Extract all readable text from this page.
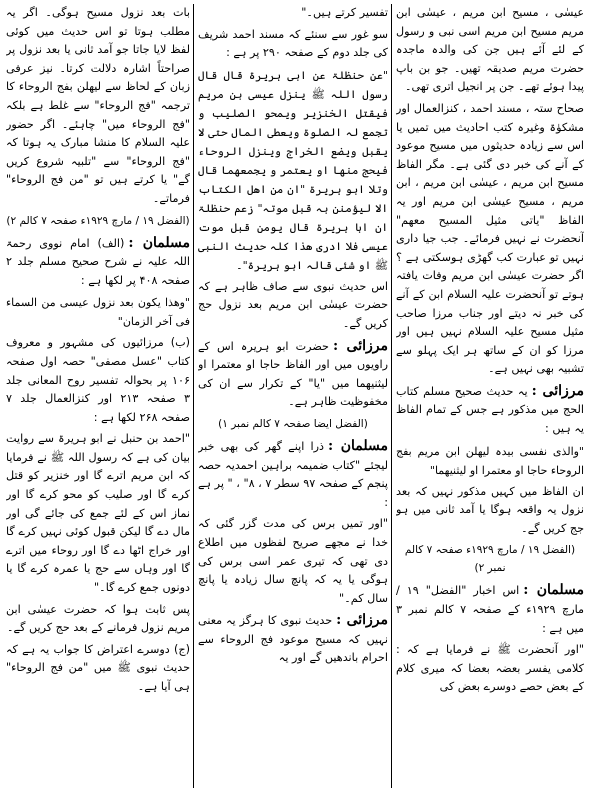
عیسٰی ، مسیح ابن مریم ، عیسٰی ابن مریم مسیح ابن مریم اسی نبی و رسول کے لئے آئے ہیں جن کی والدہ ماجدہ حضرت مریم صدیقہ تھیں۔ جو بن باپ پیدا ہوئے تھے۔ جن پر انجیل اتری تھی۔

صحاح ستہ ، مسند احمد ، کنزالعمال اور مشکوٰۃ وغیرہ کتب احادیث میں تمیں یا اس سے زیادہ حدیثوں میں مسیح موعود کے آنے کی خبر دی گئی ہے۔ مگر الفاظ مسیح ابن مریم ، عیسٰی ابن مریم ، ابن مریم ، مسیح عیسٰی ابن مریم اور یہ الفاظ "یاتی مثیل المسیح معھم" آنحضرت نے نہیں فرمائے۔ جب جیا داری نہیں تو عبارت کب گھڑی ہوسکتی ہے ؟ اگر حضرت عیسٰی ابن مریم وفات یافتہ ہوتے تو آنحضرت علیہ السلام ابن کے آنے کی خبر نہ دیتے اور جناب مرزا صاحب مثیل مسیح علیہ السلام نہیں ہیں اور مرزا کو ان کے ساتھ ہر ایک پہلو سے تشبیہ بھی نہیں ہے۔

مرزائی :یہ حدیث صحیح مسلم کتاب الحج میں مذکور ہے جس کے تمام الفاظ یہ ہیں :

"والذی نفسی بیدہ لیھلن ابن مریم بفج الروحاء حاجا او معتمرا او لیثنیھما"

ان الفاظ میں کہیں مذکور نہیں کہ بعد نزول یہ واقعہ ہوگا یا آمد ثانی میں ہو جج کریں گے۔

(الفضل ۱۹ / مارچ ۱۹۲۹ء صفحہ ۷ کالم نمبر ۲)

مسلمان :اس اخبار "الفضل" ۱۹ / مارچ ۱۹۲۹ء کے صفحہ ۷ کالم نمبر ۳ میں ہے :

"اور آنحضرت ﷺ نے فرمایا ہے کہ : کلامی یفسر بعضہ بعضا کہ میری کلام کے بعض حصے دوسرے بعض کی

تفسیر کرتے ہیں۔"

سو غور سے سنئے کہ مسند احمد شریف کی جلد دوم کے صفحہ ۲۹۰ پر ہے :

"عن حنظلۃ عن ابی ہریرۃ قال قال رسول اللہ ﷺ ینزل عیسی بن مریم فیقتل الخنزیر ویمحو الصلیب و تجمع لہ الصلوۃ ویعطی المال حتی لا یقبل ویضع الخراج وینزل الروحاء فیحج منھا او یعتمر و یجمعھما قال وتلا ابو ہریرۃ "ان من اھل الکتاب الا لیؤمنن بہ قبل موتہ" زعم حنظلۃ ان ابا ہریرۃ قال یومن قبل موت عیسی فلا ادری ھذا کلہ حدیث النبی ﷺ او شئی قالہ ابو ہریرۃ"۔

اس حدیث نبوی سے صاف ظاہر ہے کہ حضرت عیسٰی ابن مریم بعد نزول حج کریں گے۔

مرزائی :حضرت ابو ہریرہ اس کے راویوں میں اور الفاظ حاجا او معتمرا او لیثنیھما میں "یا" کے تکرار سے ان کی مخفوظیت ظاہر ہے۔

(الفضل ایضا صفحہ ۷ کالم نمبر ۱)

مسلمان :ذرا اپنے گھر کی بھی خبر لیجئے "کتاب ضمیمہ براہین احمدیہ حصہ پنجم کے صفحہ ۹۷ سطر ۷ ، ۸" ، " پر ہے :

"اور تمیں برس کی مدت گزر گئی کہ خدا نے مجھے صریح لفظوں میں اطلاع دی تھی کہ تیری عمر اسی برس کی ہوگی یا یہ کہ پانچ سال زیادہ یا پانچ سال کم۔"

مرزائی :حدیث نبوی کا ہرگز یہ معنی نہیں کہ مسیح موعود فج الروحاء سے احرام باندھیں گے اور یہ

بات بعد نزول مسیح ہوگی۔ اگر یہ مطلب ہوتا تو اس حدیث میں کوئی لفظ لایا جاتا جو آمد ثانی یا بعد نزول پر صراحتاً اشارہ دلالت کرتا۔ نیز عرفی زبان کے لحاظ سے لیھلن بفج الروحاء کا ترجمہ "فج الروحاء" سے غلط ہے بلکہ "فج الروحاء میں" چاہئے۔ اگر حضور علیہ السلام کا منشا مبارک یہ ہوتا کہ "فج الروحاء" سے "تلبیہ شروع کریں گے" یا کرتے ہیں تو "من فج الروحاء" فرماتے۔

(الفضل ۱۹ / مارچ ۱۹۲۹ء صفحہ ۷ کالم ۲)

مسلمان :(الف) امام نووی رحمۃ اللہ علیہ نے شرح صحیح مسلم جلد ۲ صفحہ ۴۰۸ پر لکھا ہے :

"وھذا یکون بعد نزول عیسی من السماء فی آخر الزمان"

(ب) مرزائیوں کی مشہور و معروف کتاب "عسل مصفی" حصہ اول صفحہ ۱۰۶ پر بحوالہ تفسیر روح المعانی جلد ۳ صفحہ ۲۱۳ اور کنزالعمال جلد ۷ صفحہ ۲۶۸ لکھا ہے :

"احمد بن حنبل نے ابو ہریرۃ سے روایت بیان کی ہے کہ رسول اللہ ﷺ نے فرمایا کہ ابن مریم اترے گا اور خنزیر کو قتل کرے گا اور صلیب کو محو کرے گا اور نماز اس کے لئے جمع کی جائے گی اور مال دے گا لیکن قبول کوئی نہیں کرے گا اور خراج اٹھا دے گا اور روحاء میں اترے گا اور وہاں سے حج یا عمرہ کرے گا یا دونوں جمع کرے گا۔"

پس ثابت ہوا کہ حضرت عیسٰی ابن مریم نزول فرمانے کے بعد حج کریں گے۔

(ج) دوسرے اعتراض کا جواب یہ ہے کہ حدیث نبوی ﷺ میں "من فج الروحاء" ہی آیا ہے۔
